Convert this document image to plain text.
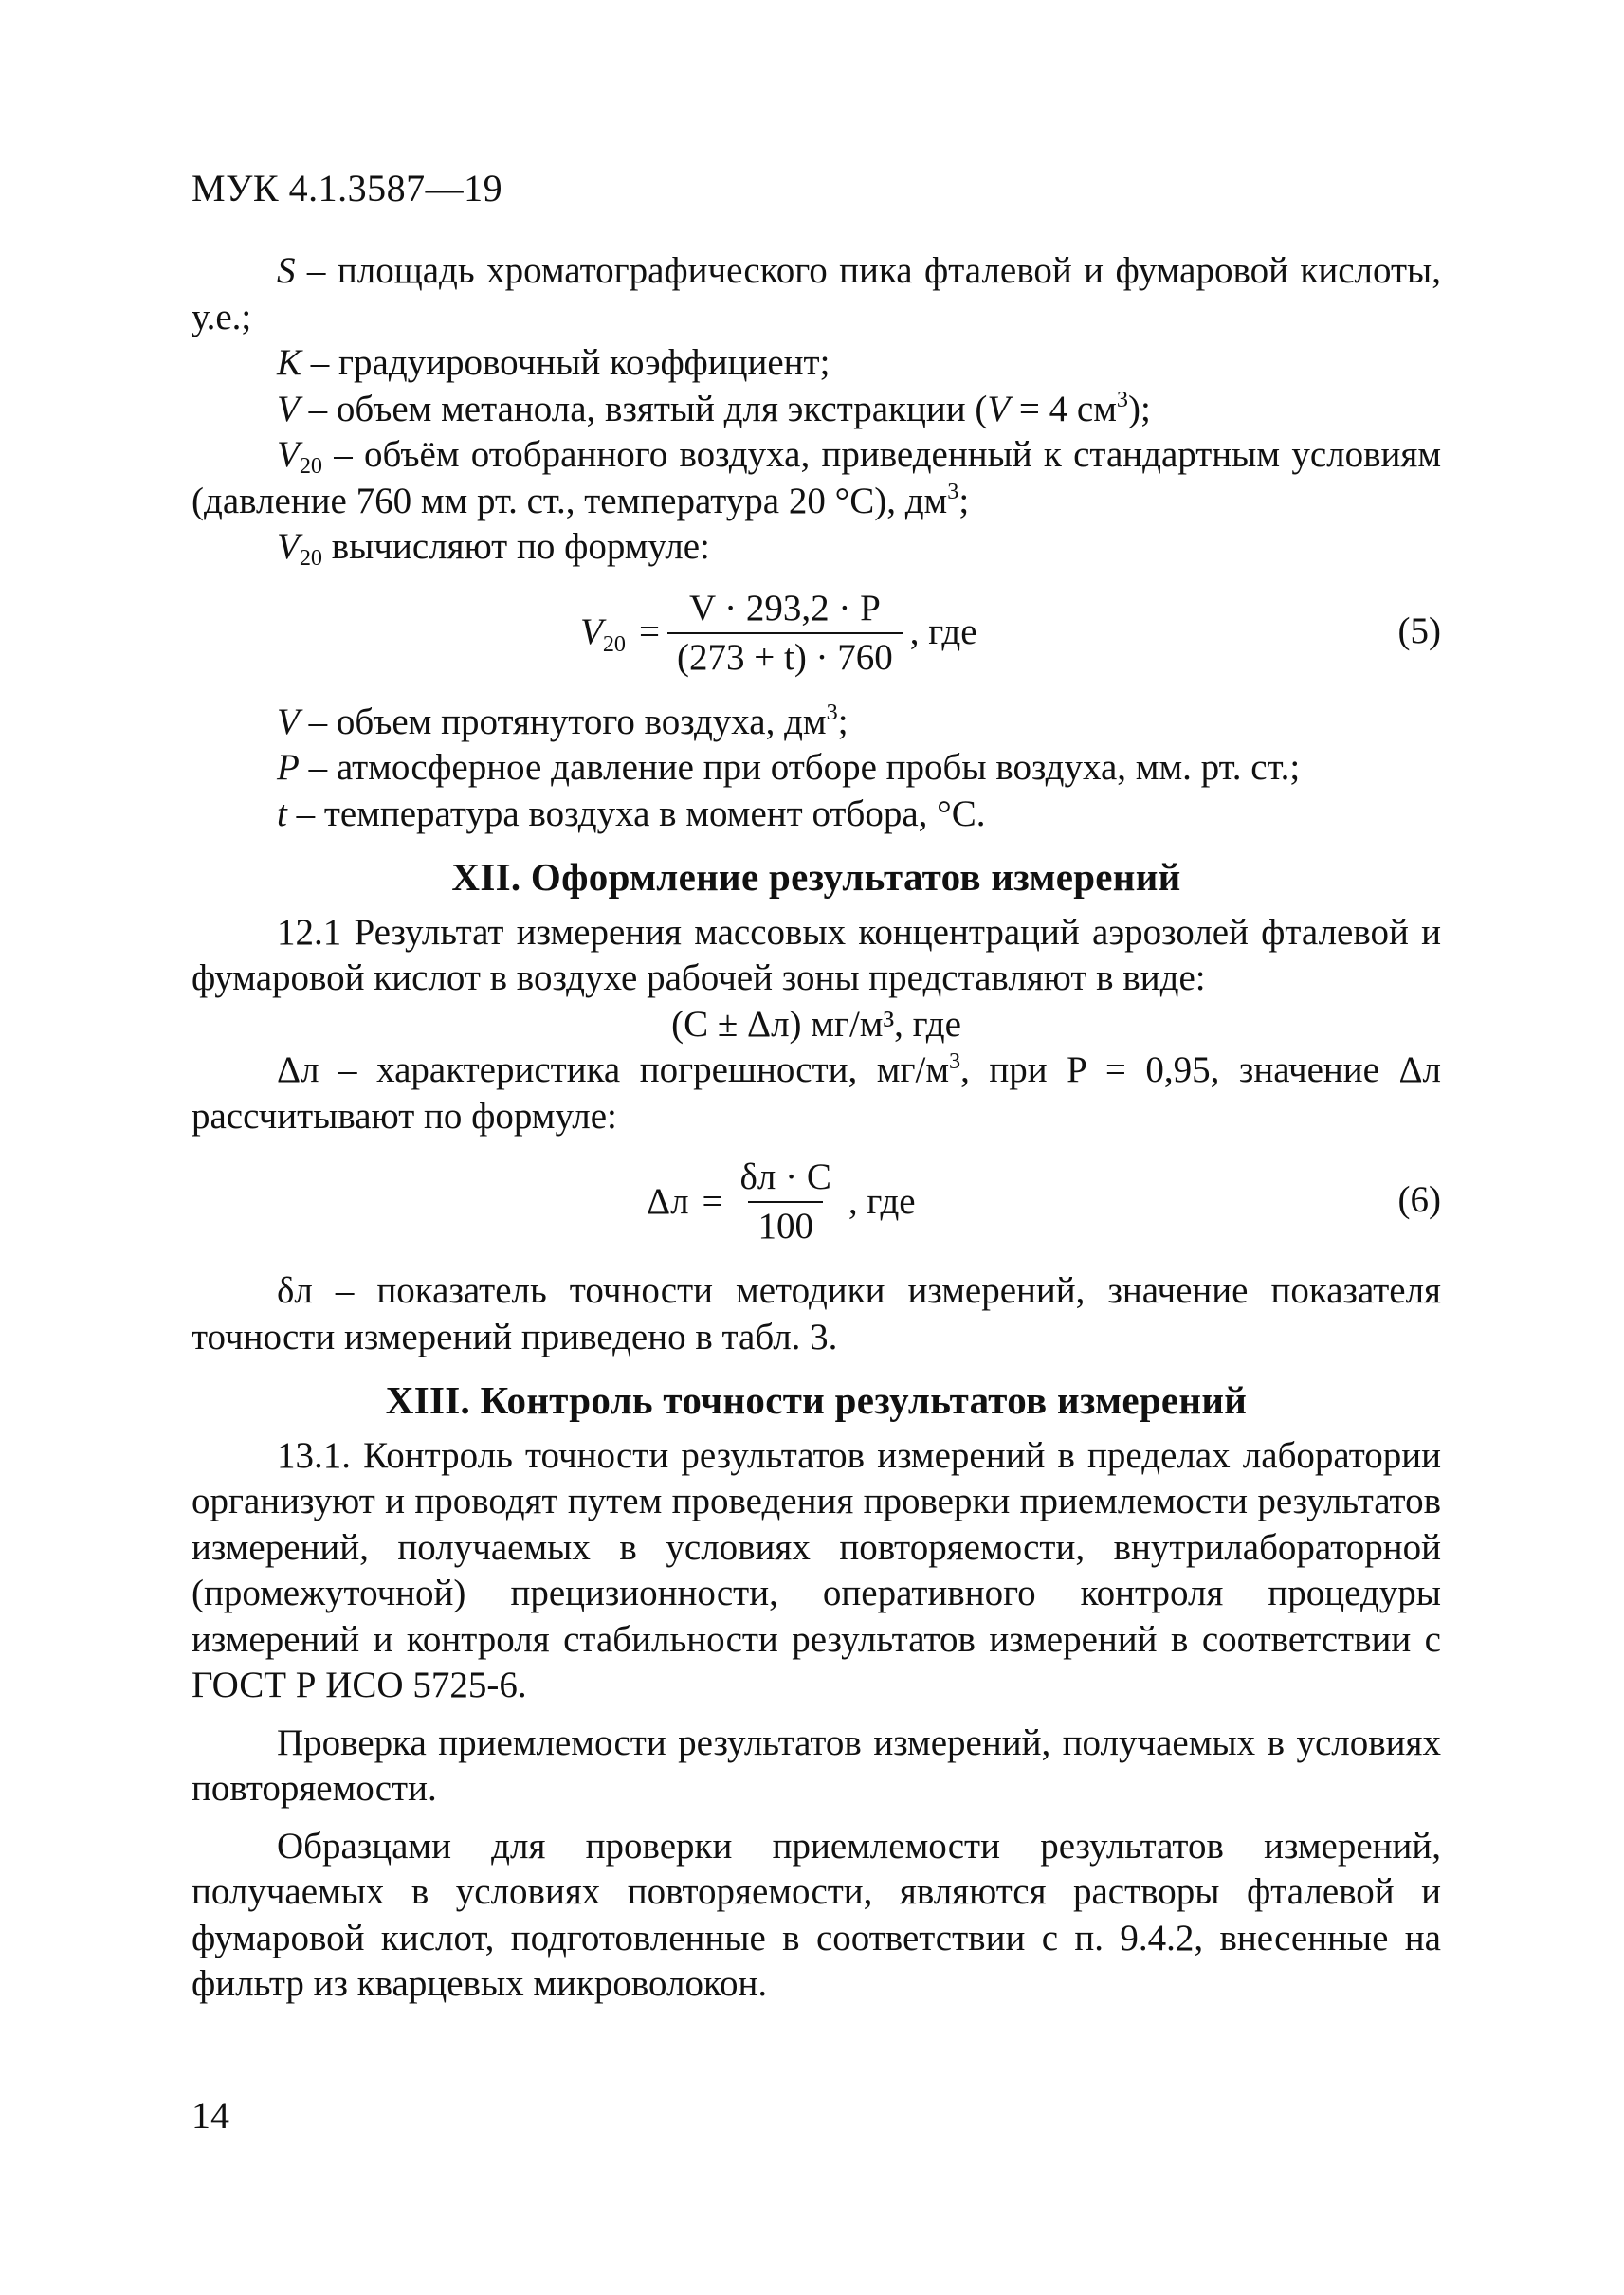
МУК 4.1.3587—19

S – площадь хроматографического пика фталевой и фумаровой кислоты, у.е.;

K – градуировочный коэффициент;

V – объем метанола, взятый для экстракции (V = 4 $см^3$);

$V_{20}$ – объём отобранного воздуха, приведенный к стандартным условиям (давление 760 мм рт. ст., температура 20 °С), $дм^3$;

$V_{20}$ вычисляют по формуле:

$V_{20} = \frac{V \cdot 293,2 \cdot P}{(273 + t) \cdot 760}$ , где	(5)

V – объем протянутого воздуха, $дм^3$;

P – атмосферное давление при отборе пробы воздуха, мм. рт. ст.;

t – температура воздуха в момент отбора, °С.

XII. Оформление результатов измерений

12.1 Результат измерения массовых концентраций аэрозолей фталевой и фумаровой кислот в воздухе рабочей зоны представляют в виде:

(C ± Δл) мг/м³, где

Δл – характеристика погрешности, $мг/м^3$, при P = 0,95, значение Δл рассчитывают по формуле:

$\Delta л = \frac{\delta л \cdot C}{100}$ , где	(6)

δл – показатель точности методики измерений, значение показателя точности измерений приведено в табл. 3.

XIII. Контроль точности результатов измерений

13.1. Контроль точности результатов измерений в пределах лаборатории организуют и проводят путем проведения проверки приемлемости результатов измерений, получаемых в условиях повторяемости, внутрилабораторной (промежуточной) прецизионности, оперативного контроля процедуры измерений и контроля стабильности результатов измерений в соответствии с ГОСТ Р ИСО 5725-6.

Проверка приемлемости результатов измерений, получаемых в условиях повторяемости.

Образцами для проверки приемлемости результатов измерений, получаемых в условиях повторяемости, являются растворы фталевой и фумаровой кислот, подготовленные в соответствии с п. 9.4.2, внесенные на фильтр из кварцевых микроволокон.

14
